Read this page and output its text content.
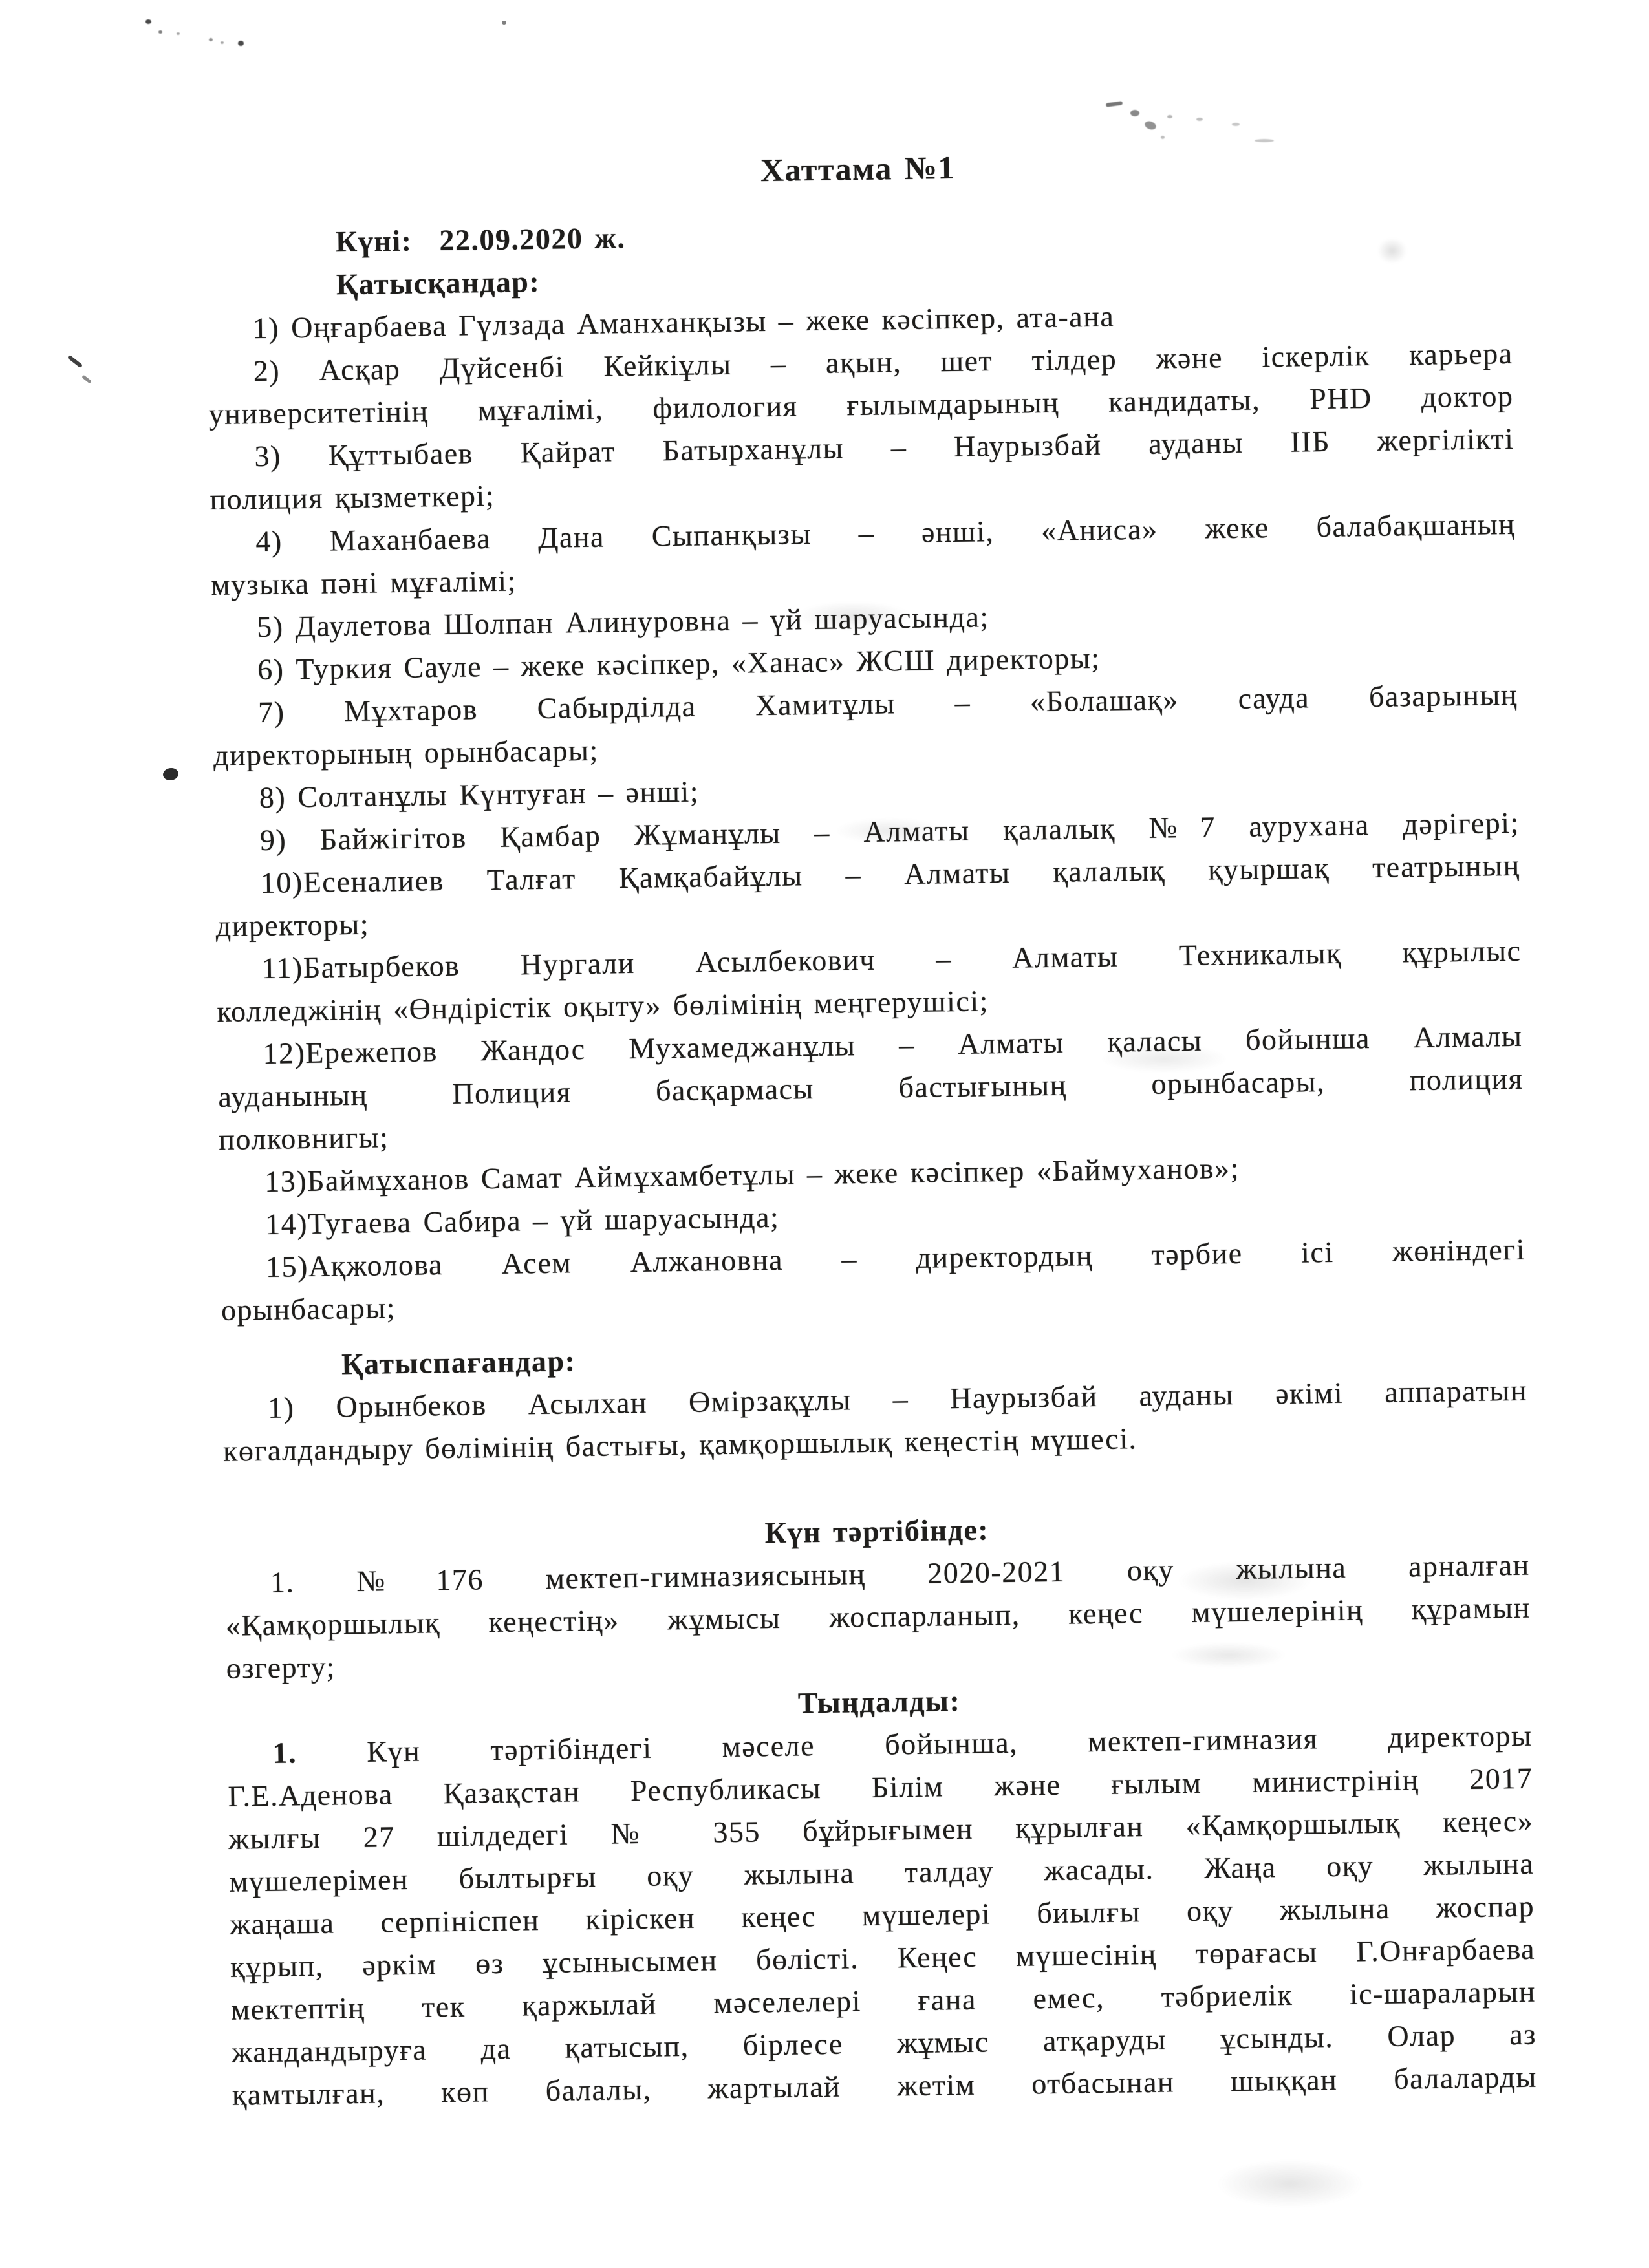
Хаттама №1
Күні: 22.09.2020 ж.
Қатысқандар:
1) Оңғарбаева Гүлзада Аманханқызы – жеке кәсіпкер, ата-ана
2) Асқар Дүйсенбі Кейкіұлы – ақын, шет тілдер және іскерлік карьера
университетінің мұғалімі, филология ғылымдарының кандидаты, PHD доктор
3) Құттыбаев Қайрат Батырханұлы – Наурызбай ауданы ІІБ жергілікті
полиция қызметкері;
4) Маханбаева Дана Сыпанқызы – әнші, «Аниса» жеке балабақшаның
музыка пәні мұғалімі;
5) Даулетова Шолпан Алинуровна – үй шаруасында;
6) Туркия Сауле – жеке кәсіпкер, «Ханас» ЖСШ директоры;
7) Мұхтаров Сабырділда Хамитұлы – «Болашақ» сауда базарының
директорының орынбасары;
8) Солтанұлы Күнтуған – әнші;
9) Байжігітов Қамбар Жұманұлы – Алматы қалалық №7 аурухана дәрігері;
10)Есеналиев Талғат Қамқабайұлы – Алматы қалалық қуыршақ театрының
директоры;
11)Батырбеков Нургали Асылбекович – Алматы Техникалық құрылыс
колледжінің «Өндірістік оқыту» бөлімінің меңгерушісі;
12)Ережепов Жандос Мухамеджанұлы – Алматы қаласы бойынша Алмалы
ауданының Полиция басқармасы бастығының орынбасары, полиция
полковнигы;
13)Баймұханов Самат Аймұхамбетұлы – жеке кәсіпкер «Баймуханов»;
14)Тугаева Сабира – үй шаруасында;
15)Ақжолова Асем Алжановна – директордың тәрбие ісі жөніндегі
орынбасары;
Қатыспағандар:
1) Орынбеков Асылхан Өмірзақұлы – Наурызбай ауданы әкімі аппаратын
көгалдандыру бөлімінің бастығы, қамқоршылық кеңестің мүшесі.
Күн тәртібінде:
1. №176 мектеп-гимназиясының 2020-2021 оқу жылына арналған
«Қамқоршылық кеңестің» жұмысы жоспарланып, кеңес мүшелерінің құрамын
өзгерту;
Тыңдалды:
1. Күн тәртібіндегі мәселе бойынша, мектеп-гимназия директоры
Г.Е.Аденова Қазақстан Республикасы Білім және ғылым министрінің 2017
жылғы 27 шілдедегі № 355 бұйрығымен құрылған «Қамқоршылық кеңес»
мүшелерімен былтырғы оқу жылына талдау жасады. Жаңа оқу жылына
жаңаша серпініспен кіріскен кеңес мүшелері биылғы оқу жылына жоспар
құрып, әркім өз ұсынысымен бөлісті. Кеңес мүшесінің төрағасы Г.Онғарбаева
мектептің тек қаржылай мәселелері ғана емес, тәбриелік іс-шараларын
жандандыруға да қатысып, бірлесе жұмыс атқаруды ұсынды. Олар аз
қамтылған, көп балалы, жартылай жетім отбасынан шыққан балаларды
